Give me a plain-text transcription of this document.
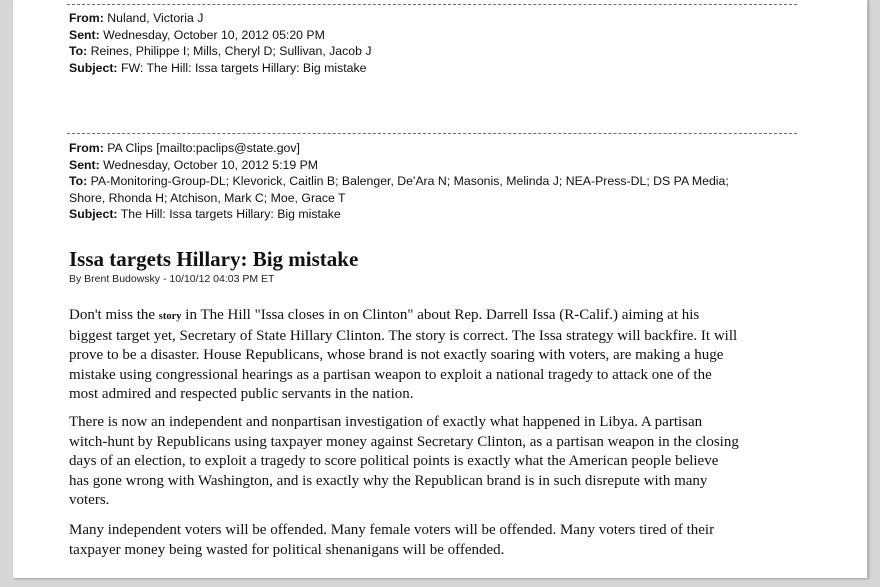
From: Nuland, Victoria J
Sent: Wednesday, October 10, 2012 05:20 PM
To: Reines, Philippe I; Mills, Cheryl D; Sullivan, Jacob J
Subject: FW: The Hill: Issa targets Hillary: Big mistake
From: PA Clips [mailto:paclips@state.gov]
Sent: Wednesday, October 10, 2012 5:19 PM
To: PA-Monitoring-Group-DL; Klevorick, Caitlin B; Balenger, De'Ara N; Masonis, Melinda J; NEA-Press-DL; DS PA Media;
Shore, Rhonda H; Atchison, Mark C; Moe, Grace T
Subject: The Hill: Issa targets Hillary: Big mistake
Issa targets Hillary: Big mistake
By Brent Budowsky - 10/10/12 04:03 PM ET
Don't miss the story in The Hill "Issa closes in on Clinton" about Rep. Darrell Issa (R-Calif.) aiming at his
biggest target yet, Secretary of State Hillary Clinton. The story is correct. The Issa strategy will backfire. It will
prove to be a disaster. House Republicans, whose brand is not exactly soaring with voters, are making a huge
mistake using congressional hearings as a partisan weapon to exploit a national tragedy to attack one of the
most admired and respected public servants in the nation.
There is now an independent and nonpartisan investigation of exactly what happened in Libya. A partisan
witch-hunt by Republicans using taxpayer money against Secretary Clinton, as a partisan weapon in the closing
days of an election, to exploit a tragedy to score political points is exactly what the American people believe
has gone wrong with Washington, and is exactly why the Republican brand is in such disrepute with many
voters.
Many independent voters will be offended. Many female voters will be offended. Many voters tired of their
taxpayer money being wasted for political shenanigans will be offended.
